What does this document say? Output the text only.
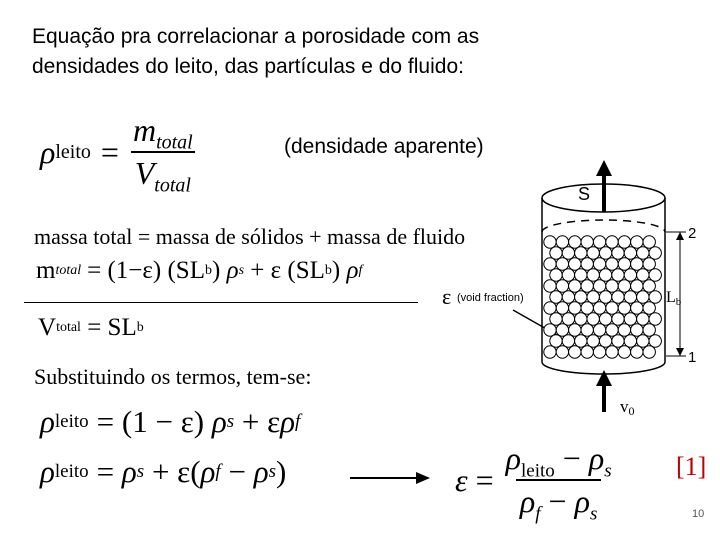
Equação pra correlacionar a porosidade com as
densidades do leito, das partículas e do fluido:
ρ leito = $\frac{m_{total}}{V_{total}}$	(densidade aparente)
massa total = massa de sólidos + massa de fluido
m total = (1−ε) (SL b ) ρ s + ε (SL b ) ρ f
V total = SL b
Substituindo os termos, tem-se:
ρ leito = (1 − ε) ρ s + ε ρ f
ρ leito = ρ s + ε( ρ f − ρ s )	$\varepsilon = \frac{\rho_{leito} - \rho_s}{\rho_f - \rho_s} [1]$
10
S
2
1
Lb
ε (void fraction)
v0
